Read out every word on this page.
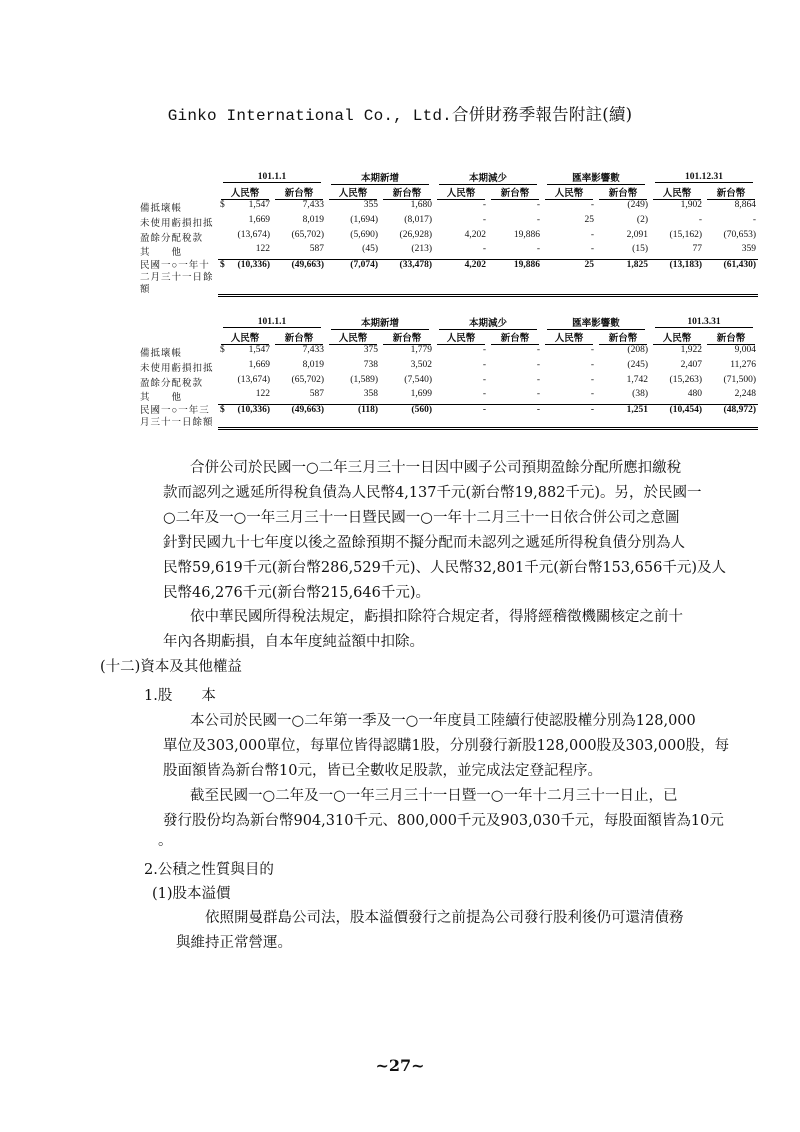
Ginko International Co., Ltd.合併財務季報告附註(續)
	101.1.1		本期新增		本期減少		匯率影響數		101.12.31	
	人民幣	新台幣	人民幣	新台幣	人民幣	新台幣	人民幣	新台幣	人民幣	新台幣
備抵壞帳	$ 1,547	7,433	355	1,680	-	-	-	(249)	1,902	8,864
未使用虧損扣抵	1,669	8,019	(1,694)	(8,017)	-	-	25	(2)	-	-
盈餘分配稅款	(13,674)	(65,702)	(5,690)	(26,928)	4,202	19,886	-	2,091	(15,162)	(70,653)
其　　他	122	587	(45)	(213)	-	-	-	(15)	77	359
民國一○一年十二月三十一日餘額	$ (10,336)	(49,663)	(7,074)	(33,478)	4,202	19,886	25	1,825	(13,183)	(61,430)
	101.1.1		本期新增		本期減少		匯率影響數		101.3.31	
	人民幣	新台幣	人民幣	新台幣	人民幣	新台幣	人民幣	新台幣	人民幣	新台幣
備抵壞帳	$ 1,547	7,433	375	1,779	-	-	-	(208)	1,922	9,004
未使用虧損扣抵	1,669	8,019	738	3,502	-	-	-	(245)	2,407	11,276
盈餘分配稅款	(13,674)	(65,702)	(1,589)	(7,540)	-	-	-	1,742	(15,263)	(71,500)
其　　他	122	587	358	1,699	-	-	-	(38)	480	2,248
民國一○一年三月三十一日餘額	$ (10,336)	(49,663)	(118)	(560)	-	-	-	1,251	(10,454)	(48,972)
合併公司於民國一○二年三月三十一日因中國子公司預期盈餘分配所應扣繳稅
款而認列之遞延所得稅負債為人民幣4,137千元(新台幣19,882千元)。另，於民國一
○二年及一○一年三月三十一日暨民國一○一年十二月三十一日依合併公司之意圖
針對民國九十七年度以後之盈餘預期不擬分配而未認列之遞延所得稅負債分別為人
民幣59,619千元(新台幣286,529千元)、人民幣32,801千元(新台幣153,656千元)及人
民幣46,276千元(新台幣215,646千元)。
依中華民國所得稅法規定，虧損扣除符合規定者，得將經稽徵機關核定之前十
年內各期虧損，自本年度純益額中扣除。
(十二)資本及其他權益
1.股　　本
本公司於民國一○二年第一季及一○一年度員工陸續行使認股權分別為128,000
單位及303,000單位，每單位皆得認購1股，分別發行新股128,000股及303,000股，每
股面額皆為新台幣10元，皆已全數收足股款，並完成法定登記程序。
截至民國一○二年及一○一年三月三十一日暨一○一年十二月三十一日止，已
發行股份均為新台幣904,310千元、800,000千元及903,030千元，每股面額皆為10元
。
2.公積之性質與目的
(1)股本溢價
依照開曼群島公司法，股本溢價發行之前提為公司發行股利後仍可還清債務
與維持正常營運。
~27~
